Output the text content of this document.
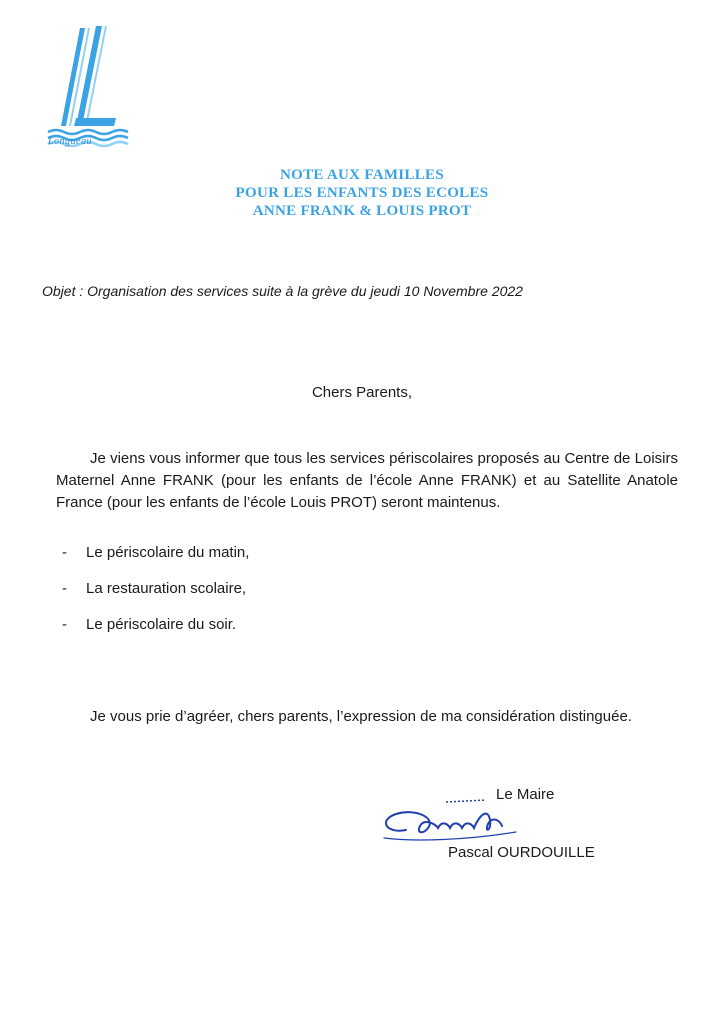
Longueau
NOTE AUX FAMILLES
POUR LES ENFANTS DES ECOLES
ANNE FRANK & LOUIS PROT
Objet : Organisation des services suite à la grève du jeudi 10 Novembre 2022
Chers Parents,
Je viens vous informer que tous les services périscolaires proposés au Centre de Loisirs Maternel Anne FRANK (pour les enfants de l’école Anne FRANK) et au Satellite Anatole France (pour les enfants de l’école Louis PROT) seront maintenus.
- Le périscolaire du matin,
- La restauration scolaire,
- Le périscolaire du soir.
Je vous prie d’agréer, chers parents, l’expression de ma considération distinguée.
Le Maire
Pascal OURDOUILLE
